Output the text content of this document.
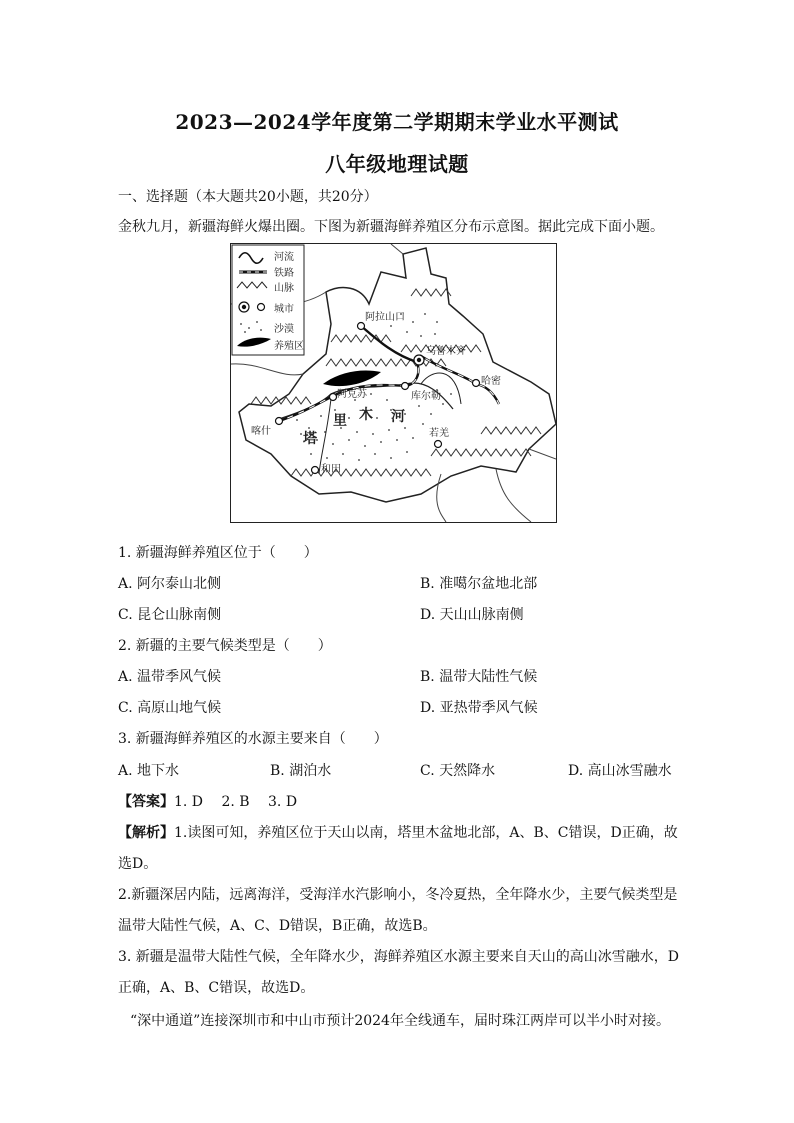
2023—2024学年度第二学期期末学业水平测试
八年级地理试题
一、选择题（本大题共20小题，共20分）
金秋九月，新疆海鲜火爆出圈。下图为新疆海鲜养殖区分布示意图。据此完成下面小题。
河流
铁路
山脉
城市
沙漠
养殖区
阿拉山口
乌鲁木齐
哈密
阿克苏	库尔勒
喀什	若羌
和田
塔
里 木 河
1. 新疆海鲜养殖区位于（　　）
A. 阿尔泰山北侧	B. 准噶尔盆地北部
C. 昆仑山脉南侧	D. 天山山脉南侧
2. 新疆的主要气候类型是（　　）
A. 温带季风气候	B. 温带大陆性气候
C. 高原山地气候	D. 亚热带季风气候
3. 新疆海鲜养殖区的水源主要来自（　　）
A. 地下水	B. 湖泊水	C. 天然降水	D. 高山冰雪融水
【答案】1. D　 2. B　 3. D
【解析】1.读图可知，养殖区位于天山以南，塔里木盆地北部，A、B、C错误，D正确，故
选D。
2.新疆深居内陆，远离海洋，受海洋水汽影响小，冬冷夏热，全年降水少，主要气候类型是
温带大陆性气候，A、C、D错误，B正确，故选B。
3. 新疆是温带大陆性气候，全年降水少，海鲜养殖区水源主要来自天山的高山冰雪融水，D
正确，A、B、C错误，故选D。
“深中通道”连接深圳市和中山市预计2024年全线通车，届时珠江两岸可以半小时对接。
